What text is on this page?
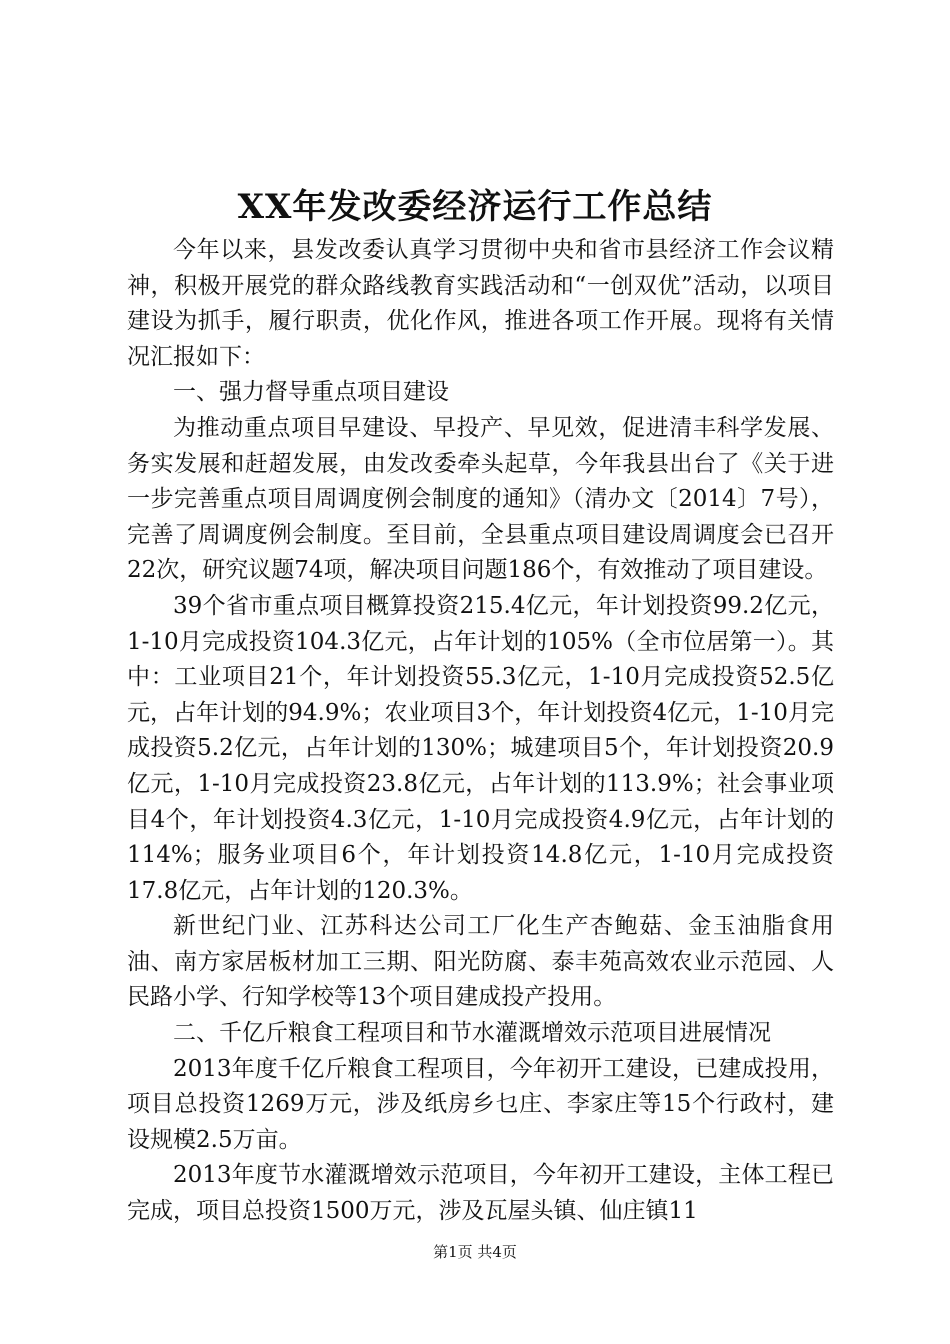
XX年发改委经济运行工作总结

今年以来，县发改委认真学习贯彻中央和省市县经济工作会议精神，积极开展党的群众路线教育实践活动和“一创双优”活动，以项目建设为抓手，履行职责，优化作风，推进各项工作开展。现将有关情况汇报如下：

一、强力督导重点项目建设

为推动重点项目早建设、早投产、早见效，促进清丰科学发展、务实发展和赶超发展，由发改委牵头起草，今年我县出台了《关于进一步完善重点项目周调度例会制度的通知》（清办文〔2014〕7号），完善了周调度例会制度。至目前，全县重点项目建设周调度会已召开22次，研究议题74项，解决项目问题186个，有效推动了项目建设。

39个省市重点项目概算投资215.4亿元，年计划投资99.2亿元，1-10月完成投资104.3亿元，占年计划的105%（全市位居第一）。其中：工业项目21个，年计划投资55.3亿元，1-10月完成投资52.5亿元，占年计划的94.9%；农业项目3个，年计划投资4亿元，1-10月完成投资5.2亿元，占年计划的130%；城建项目5个，年计划投资20.9亿元，1-10月完成投资23.8亿元，占年计划的113.9%；社会事业项目4个，年计划投资4.3亿元，1-10月完成投资4.9亿元，占年计划的114%；服务业项目6个，年计划投资14.8亿元，1-10月完成投资17.8亿元，占年计划的120.3%。

新世纪门业、江苏科达公司工厂化生产杏鲍菇、金玉油脂食用油、南方家居板材加工三期、阳光防腐、泰丰苑高效农业示范园、人民路小学、行知学校等13个项目建成投产投用。

二、千亿斤粮食工程项目和节水灌溉增效示范项目进展情况

2013年度千亿斤粮食工程项目，今年初开工建设，已建成投用，项目总投资1269万元，涉及纸房乡乜庄、李家庄等15个行政村，建设规模2.5万亩。

2013年度节水灌溉增效示范项目，今年初开工建设，主体工程已完成，项目总投资1500万元，涉及瓦屋头镇、仙庄镇11

第1页 共4页
